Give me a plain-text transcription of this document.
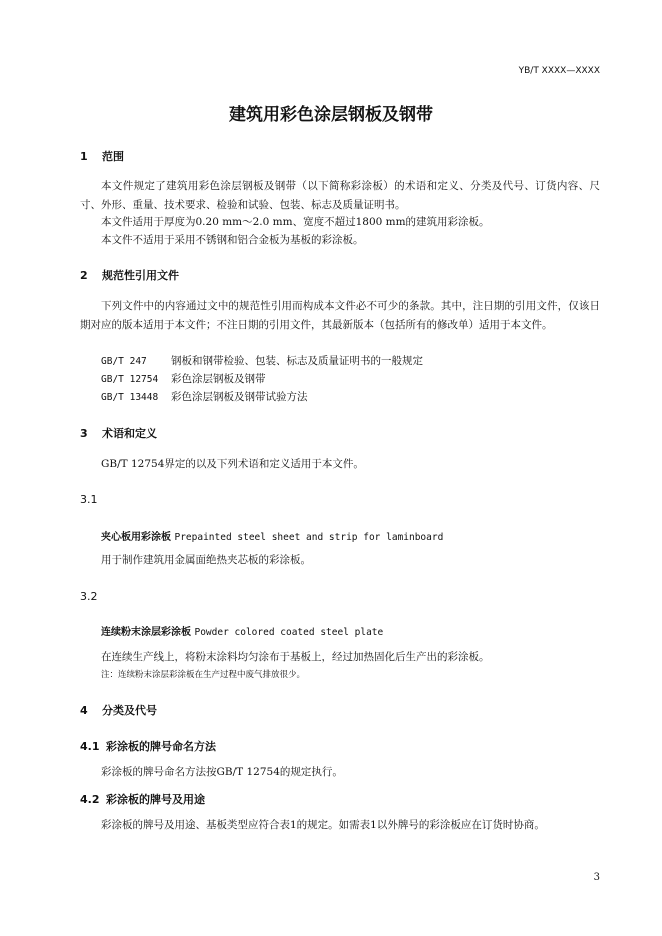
YB/T XXXX—XXXX
建筑用彩色涂层钢板及钢带
1 范围
本文件规定了建筑用彩色涂层钢板及钢带（以下简称彩涂板）的术语和定义、分类及代号、订货内容、尺寸、外形、重量、技术要求、检验和试验、包装、标志及质量证明书。
本文件适用于厚度为0.20 mm～2.0 mm、宽度不超过1800 mm的建筑用彩涂板。
本文件不适用于采用不锈钢和铝合金板为基板的彩涂板。
2 规范性引用文件
下列文件中的内容通过文中的规范性引用而构成本文件必不可少的条款。其中，注日期的引用文件，仅该日期对应的版本适用于本文件；不注日期的引用文件，其最新版本（包括所有的修改单）适用于本文件。
GB/T 247 钢板和钢带检验、包装、标志及质量证明书的一般规定
GB/T 12754 彩色涂层钢板及钢带
GB/T 13448 彩色涂层钢板及钢带试验方法
3 术语和定义
GB/T 12754界定的以及下列术语和定义适用于本文件。
3.1
夹心板用彩涂板 Prepainted steel sheet and strip for laminboard
用于制作建筑用金属面绝热夹芯板的彩涂板。
3.2
连续粉末涂层彩涂板 Powder colored coated steel plate
在连续生产线上，将粉末涂料均匀涂布于基板上，经过加热固化后生产出的彩涂板。
注：连续粉末涂层彩涂板在生产过程中废气排放很少。
4 分类及代号
4.1 彩涂板的牌号命名方法
彩涂板的牌号命名方法按GB/T 12754的规定执行。
4.2 彩涂板的牌号及用途
彩涂板的牌号及用途、基板类型应符合表1的规定。如需表1以外牌号的彩涂板应在订货时协商。
3
